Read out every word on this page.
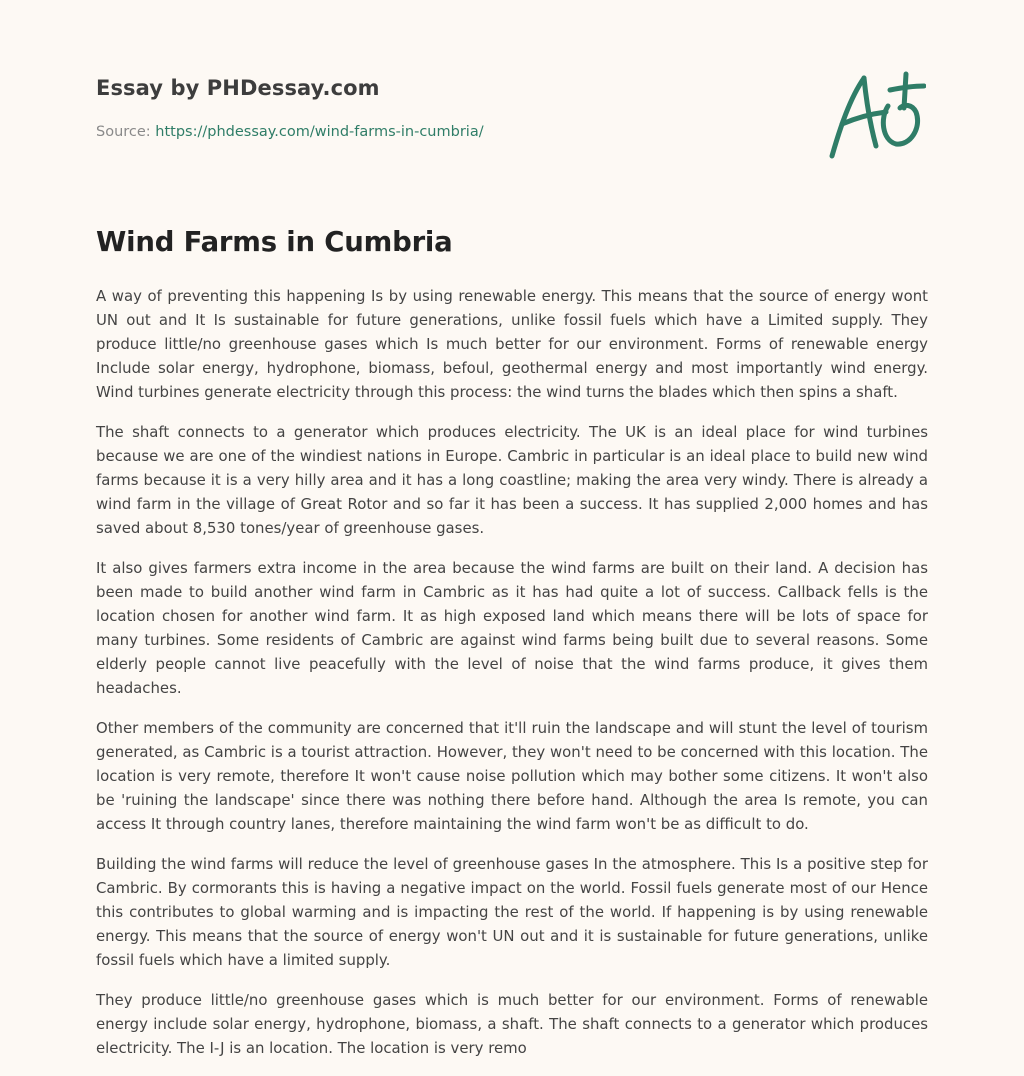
Essay by PHDessay.com
Source: https://phdessay.com/wind-farms-in-cumbria/
Wind Farms in Cumbria

A way of preventing this happening Is by using renewable energy. This means that the source of energy wont UN out and It Is sustainable for future generations, unlike fossil fuels which have a Limited supply. They produce little/no greenhouse gases which Is much better for our environment. Forms of renewable energy Include solar energy, hydrophone, biomass, befoul, geothermal energy and most importantly wind energy. Wind turbines generate electricity through this process: the wind turns the blades which then spins a shaft.

The shaft connects to a generator which produces electricity. The UK is an ideal place for wind turbines because we are one of the windiest nations in Europe. Cambric in particular is an ideal place to build new wind farms because it is a very hilly area and it has a long coastline; making the area very windy. There is already a wind farm in the village of Great Rotor and so far it has been a success. It has supplied 2,000 homes and has saved about 8,530 tones/year of greenhouse gases.

It also gives farmers extra income in the area because the wind farms are built on their land. A decision has been made to build another wind farm in Cambric as it has had quite a lot of success. Callback fells is the location chosen for another wind farm. It as high exposed land which means there will be lots of space for many turbines. Some residents of Cambric are against wind farms being built due to several reasons. Some elderly people cannot live peacefully with the level of noise that the wind farms produce, it gives them headaches.

Other members of the community are concerned that it'll ruin the landscape and will stunt the level of tourism generated, as Cambric is a tourist attraction. However, they won't need to be concerned with this location. The location is very remote, therefore It won't cause noise pollution which may bother some citizens. It won't also be 'ruining the landscape' since there was nothing there before hand. Although the area Is remote, you can access It through country lanes, therefore maintaining the wind farm won't be as difficult to do.

Building the wind farms will reduce the level of greenhouse gases In the atmosphere. This Is a positive step for Cambric. By cormorants this is having a negative impact on the world. Fossil fuels generate most of our Hence this contributes to global warming and is impacting the rest of the world. If happening is by using renewable energy. This means that the source of energy won't UN out and it is sustainable for future generations, unlike fossil fuels which have a limited supply.

They produce little/no greenhouse gases which is much better for our environment. Forms of renewable energy include solar energy, hydrophone, biomass, a shaft. The shaft connects to a generator which produces electricity. The I-J is an location. The location is very remo
